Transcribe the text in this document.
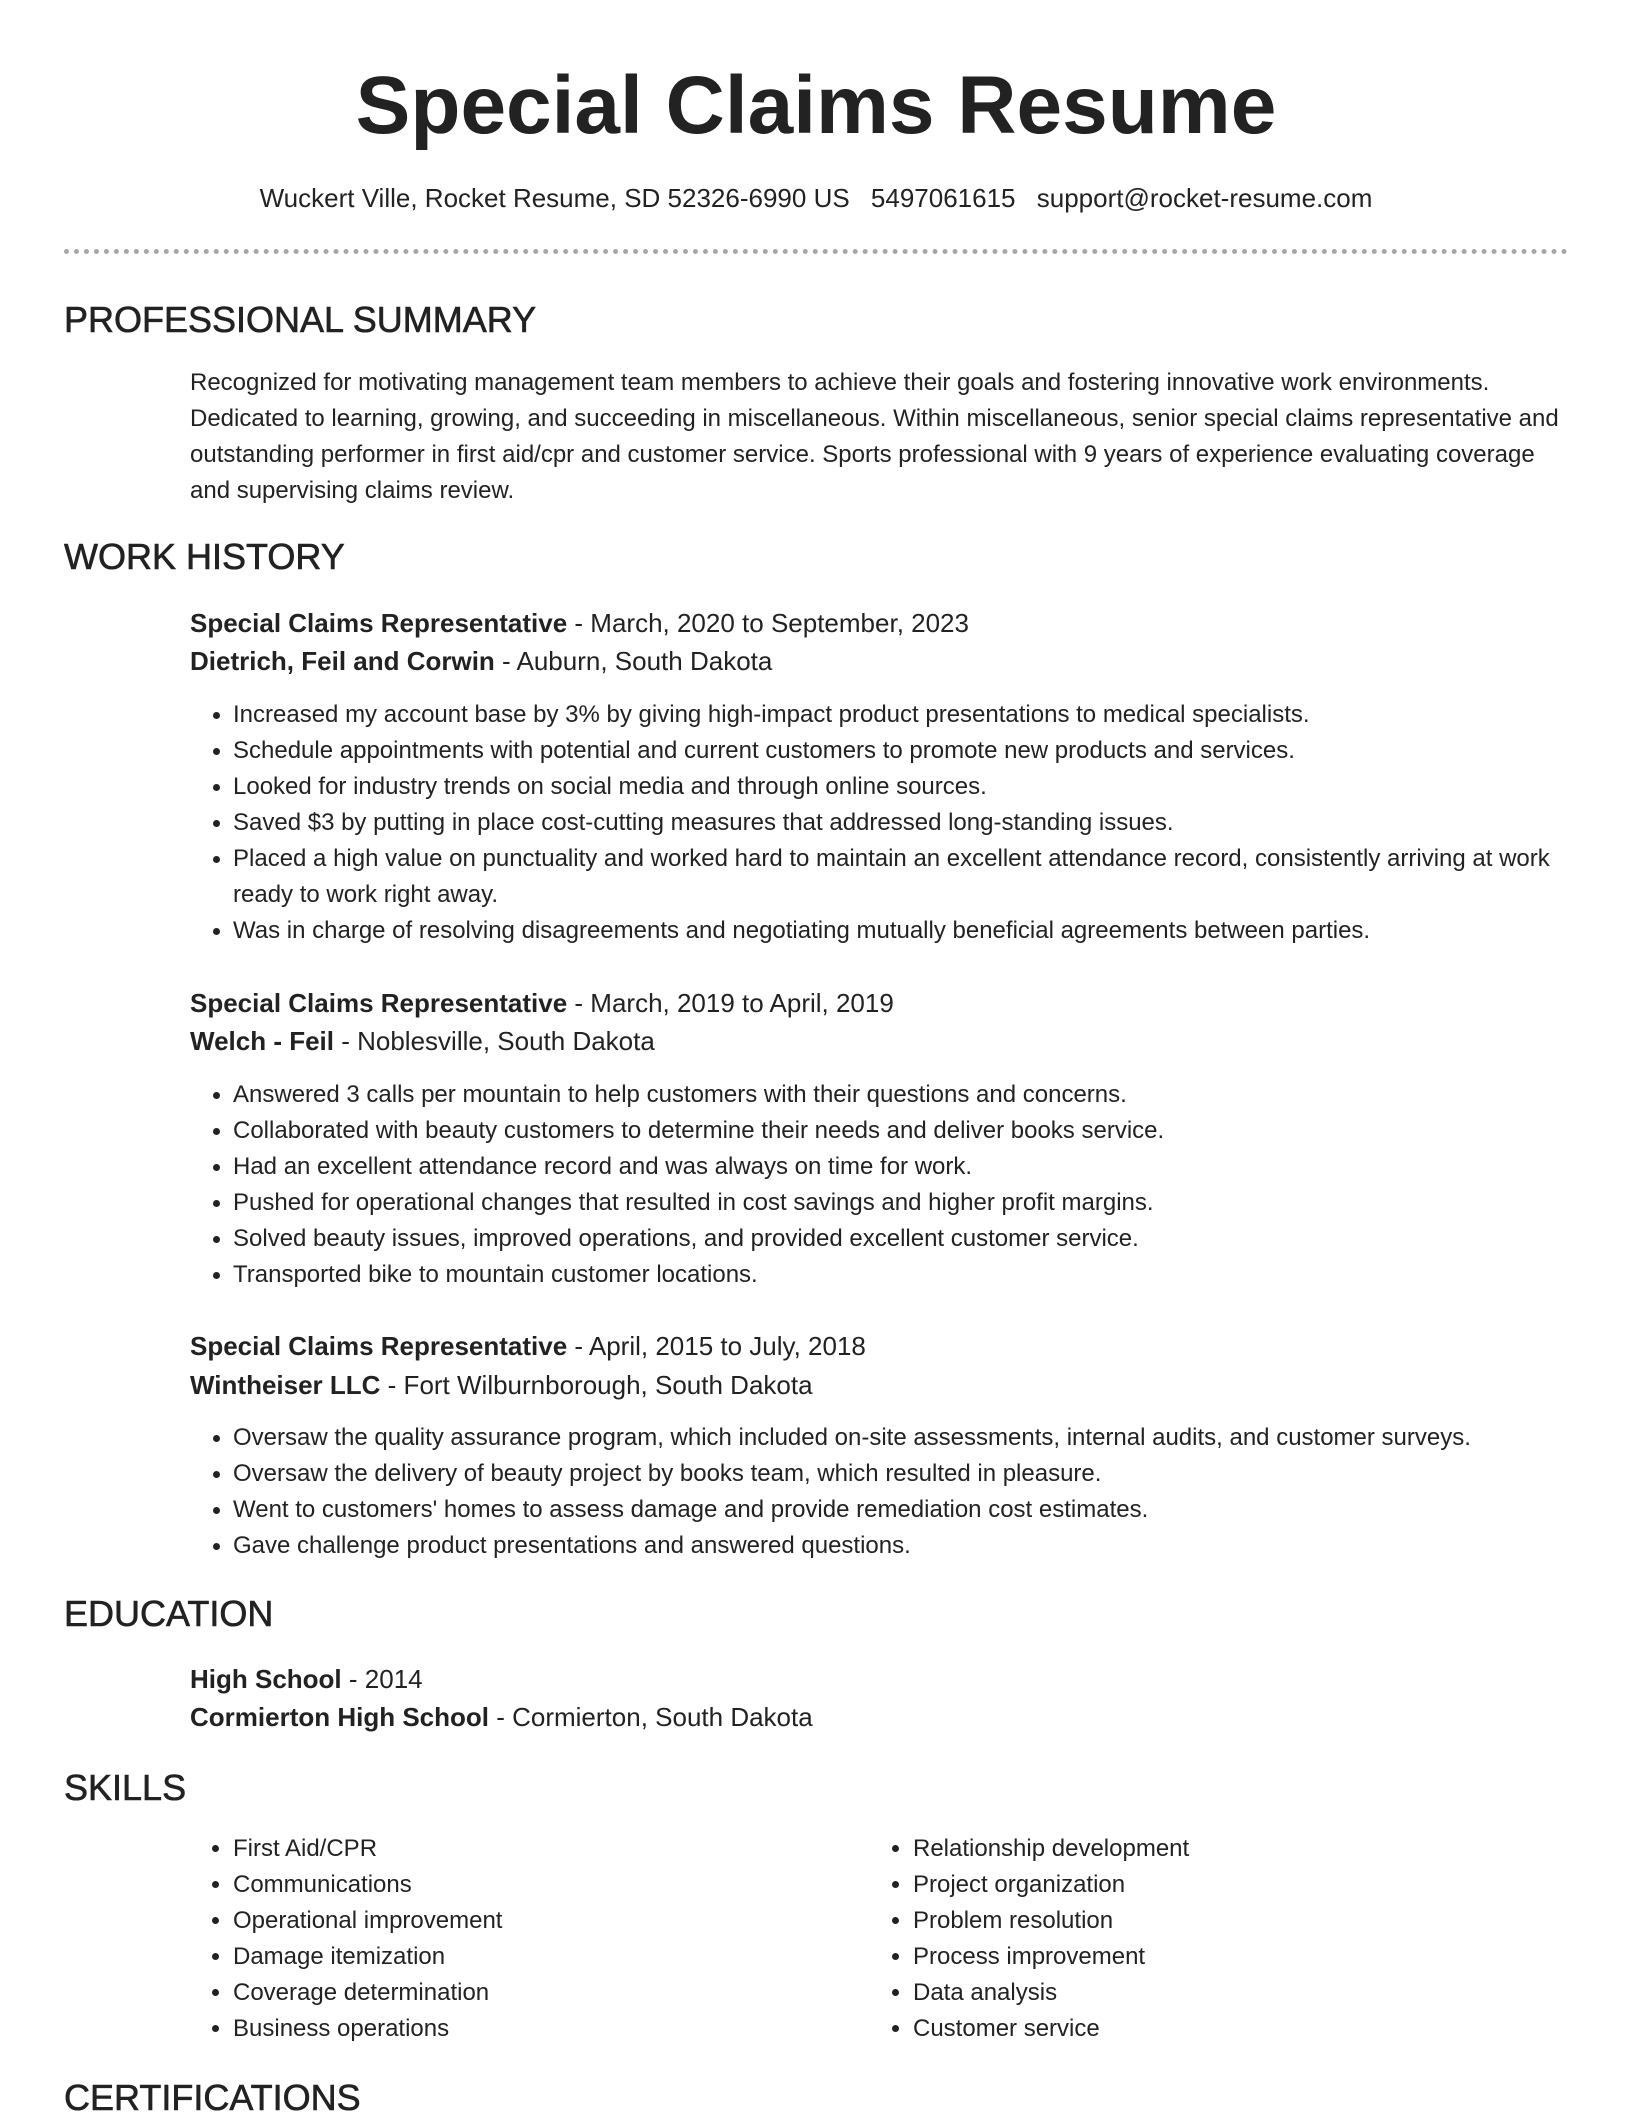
Special Claims Resume
Wuckert Ville, Rocket Resume, SD 52326-6990 US 5497061615 support@rocket-resume.com
PROFESSIONAL SUMMARY
Recognized for motivating management team members to achieve their goals and fostering innovative work environments. Dedicated to learning, growing, and succeeding in miscellaneous. Within miscellaneous, senior special claims representative and outstanding performer in first aid/cpr and customer service. Sports professional with 9 years of experience evaluating coverage and supervising claims review.
WORK HISTORY
Special Claims Representative - March, 2020 to September, 2023
Dietrich, Feil and Corwin - Auburn, South Dakota
• Increased my account base by 3% by giving high-impact product presentations to medical specialists.
• Schedule appointments with potential and current customers to promote new products and services.
• Looked for industry trends on social media and through online sources.
• Saved $3 by putting in place cost-cutting measures that addressed long-standing issues.
• Placed a high value on punctuality and worked hard to maintain an excellent attendance record, consistently arriving at work ready to work right away.
• Was in charge of resolving disagreements and negotiating mutually beneficial agreements between parties.
Special Claims Representative - March, 2019 to April, 2019
Welch - Feil - Noblesville, South Dakota
• Answered 3 calls per mountain to help customers with their questions and concerns.
• Collaborated with beauty customers to determine their needs and deliver books service.
• Had an excellent attendance record and was always on time for work.
• Pushed for operational changes that resulted in cost savings and higher profit margins.
• Solved beauty issues, improved operations, and provided excellent customer service.
• Transported bike to mountain customer locations.
Special Claims Representative - April, 2015 to July, 2018
Wintheiser LLC - Fort Wilburnborough, South Dakota
• Oversaw the quality assurance program, which included on-site assessments, internal audits, and customer surveys.
• Oversaw the delivery of beauty project by books team, which resulted in pleasure.
• Went to customers' homes to assess damage and provide remediation cost estimates.
• Gave challenge product presentations and answered questions.
EDUCATION
High School - 2014
Cormierton High School - Cormierton, South Dakota
SKILLS
• First Aid/CPR
• Communications
• Operational improvement
• Damage itemization
• Coverage determination
• Business operations
• Relationship development
• Project organization
• Problem resolution
• Process improvement
• Data analysis
• Customer service
CERTIFICATIONS
